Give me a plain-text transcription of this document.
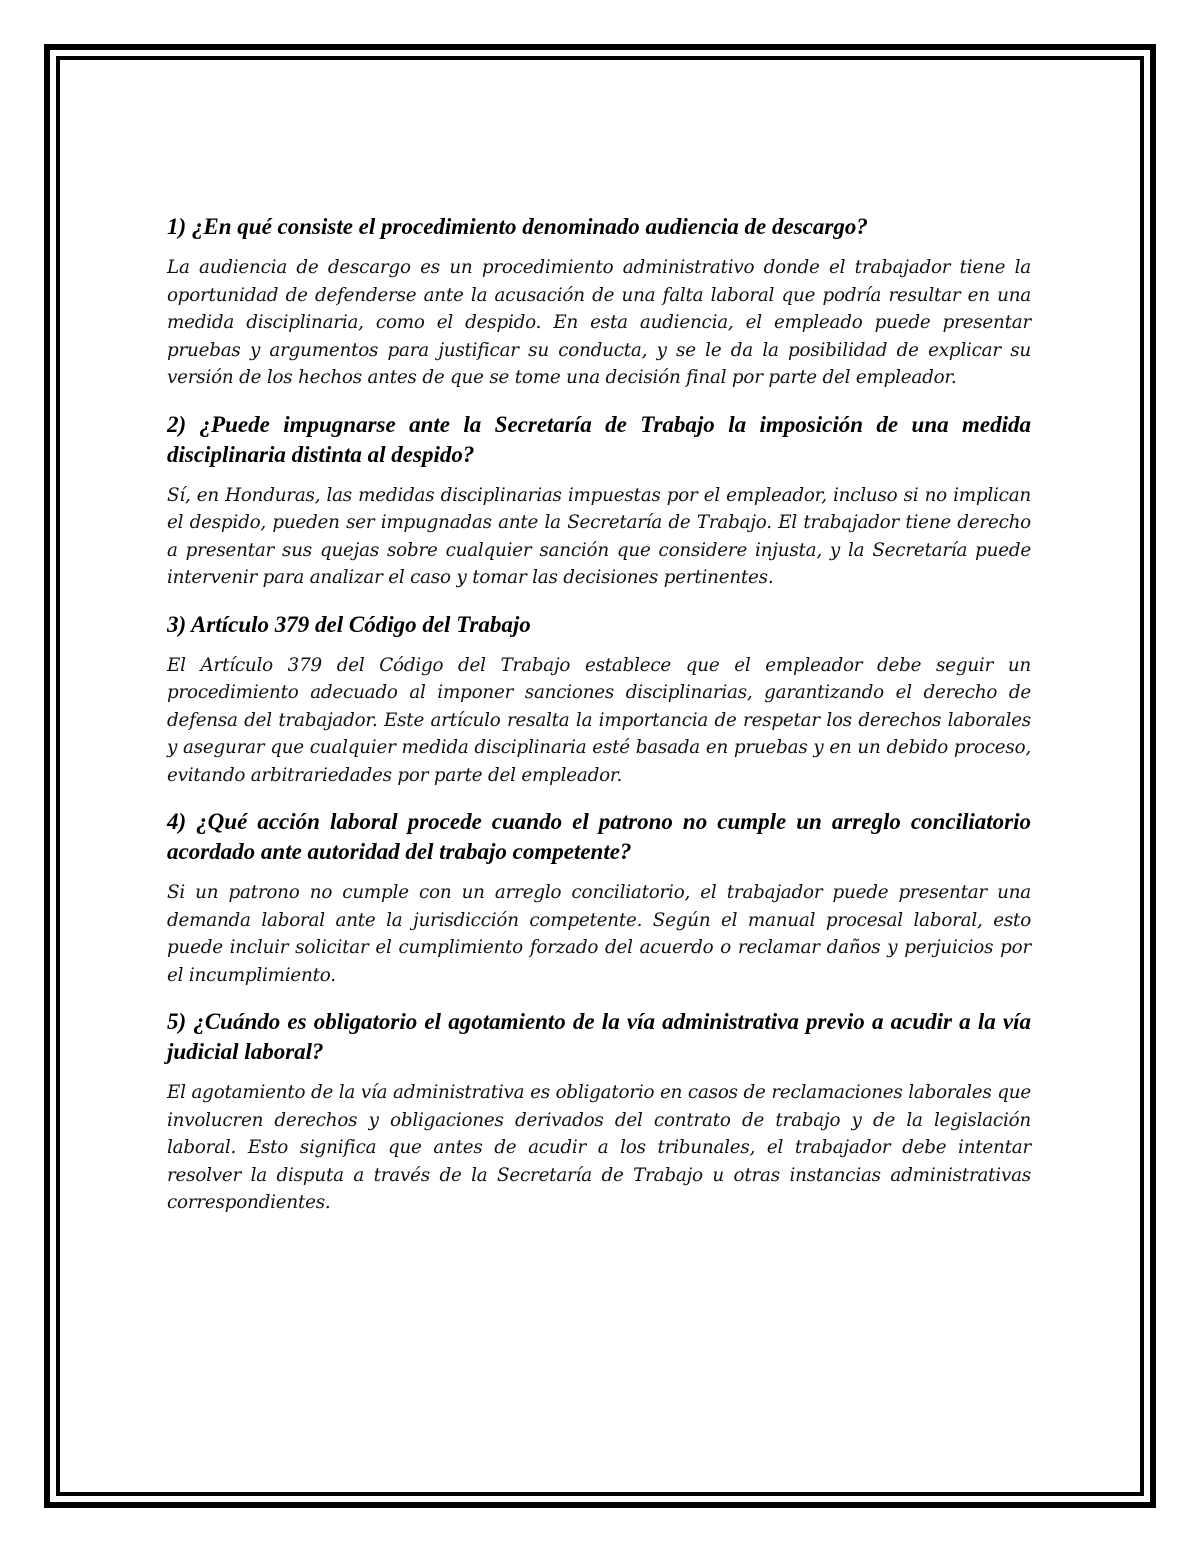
1) ¿En qué consiste el procedimiento denominado audiencia de descargo?

La audiencia de descargo es un procedimiento administrativo donde el trabajador tiene la oportunidad de defenderse ante la acusación de una falta laboral que podría resultar en una medida disciplinaria, como el despido. En esta audiencia, el empleado puede presentar pruebas y argumentos para justificar su conducta, y se le da la posibilidad de explicar su versión de los hechos antes de que se tome una decisión final por parte del empleador.

2) ¿Puede impugnarse ante la Secretaría de Trabajo la imposición de una medida disciplinaria distinta al despido?

Sí, en Honduras, las medidas disciplinarias impuestas por el empleador, incluso si no implican el despido, pueden ser impugnadas ante la Secretaría de Trabajo. El trabajador tiene derecho a presentar sus quejas sobre cualquier sanción que considere injusta, y la Secretaría puede intervenir para analizar el caso y tomar las decisiones pertinentes.

3) Artículo 379 del Código del Trabajo

El Artículo 379 del Código del Trabajo establece que el empleador debe seguir un procedimiento adecuado al imponer sanciones disciplinarias, garantizando el derecho de defensa del trabajador. Este artículo resalta la importancia de respetar los derechos laborales y asegurar que cualquier medida disciplinaria esté basada en pruebas y en un debido proceso, evitando arbitrariedades por parte del empleador.

4) ¿Qué acción laboral procede cuando el patrono no cumple un arreglo conciliatorio acordado ante autoridad del trabajo competente?

Si un patrono no cumple con un arreglo conciliatorio, el trabajador puede presentar una demanda laboral ante la jurisdicción competente. Según el manual procesal laboral, esto puede incluir solicitar el cumplimiento forzado del acuerdo o reclamar daños y perjuicios por el incumplimiento.

5) ¿Cuándo es obligatorio el agotamiento de la vía administrativa previo a acudir a la vía judicial laboral?

El agotamiento de la vía administrativa es obligatorio en casos de reclamaciones laborales que involucren derechos y obligaciones derivados del contrato de trabajo y de la legislación laboral. Esto significa que antes de acudir a los tribunales, el trabajador debe intentar resolver la disputa a través de la Secretaría de Trabajo u otras instancias administrativas correspondientes.
